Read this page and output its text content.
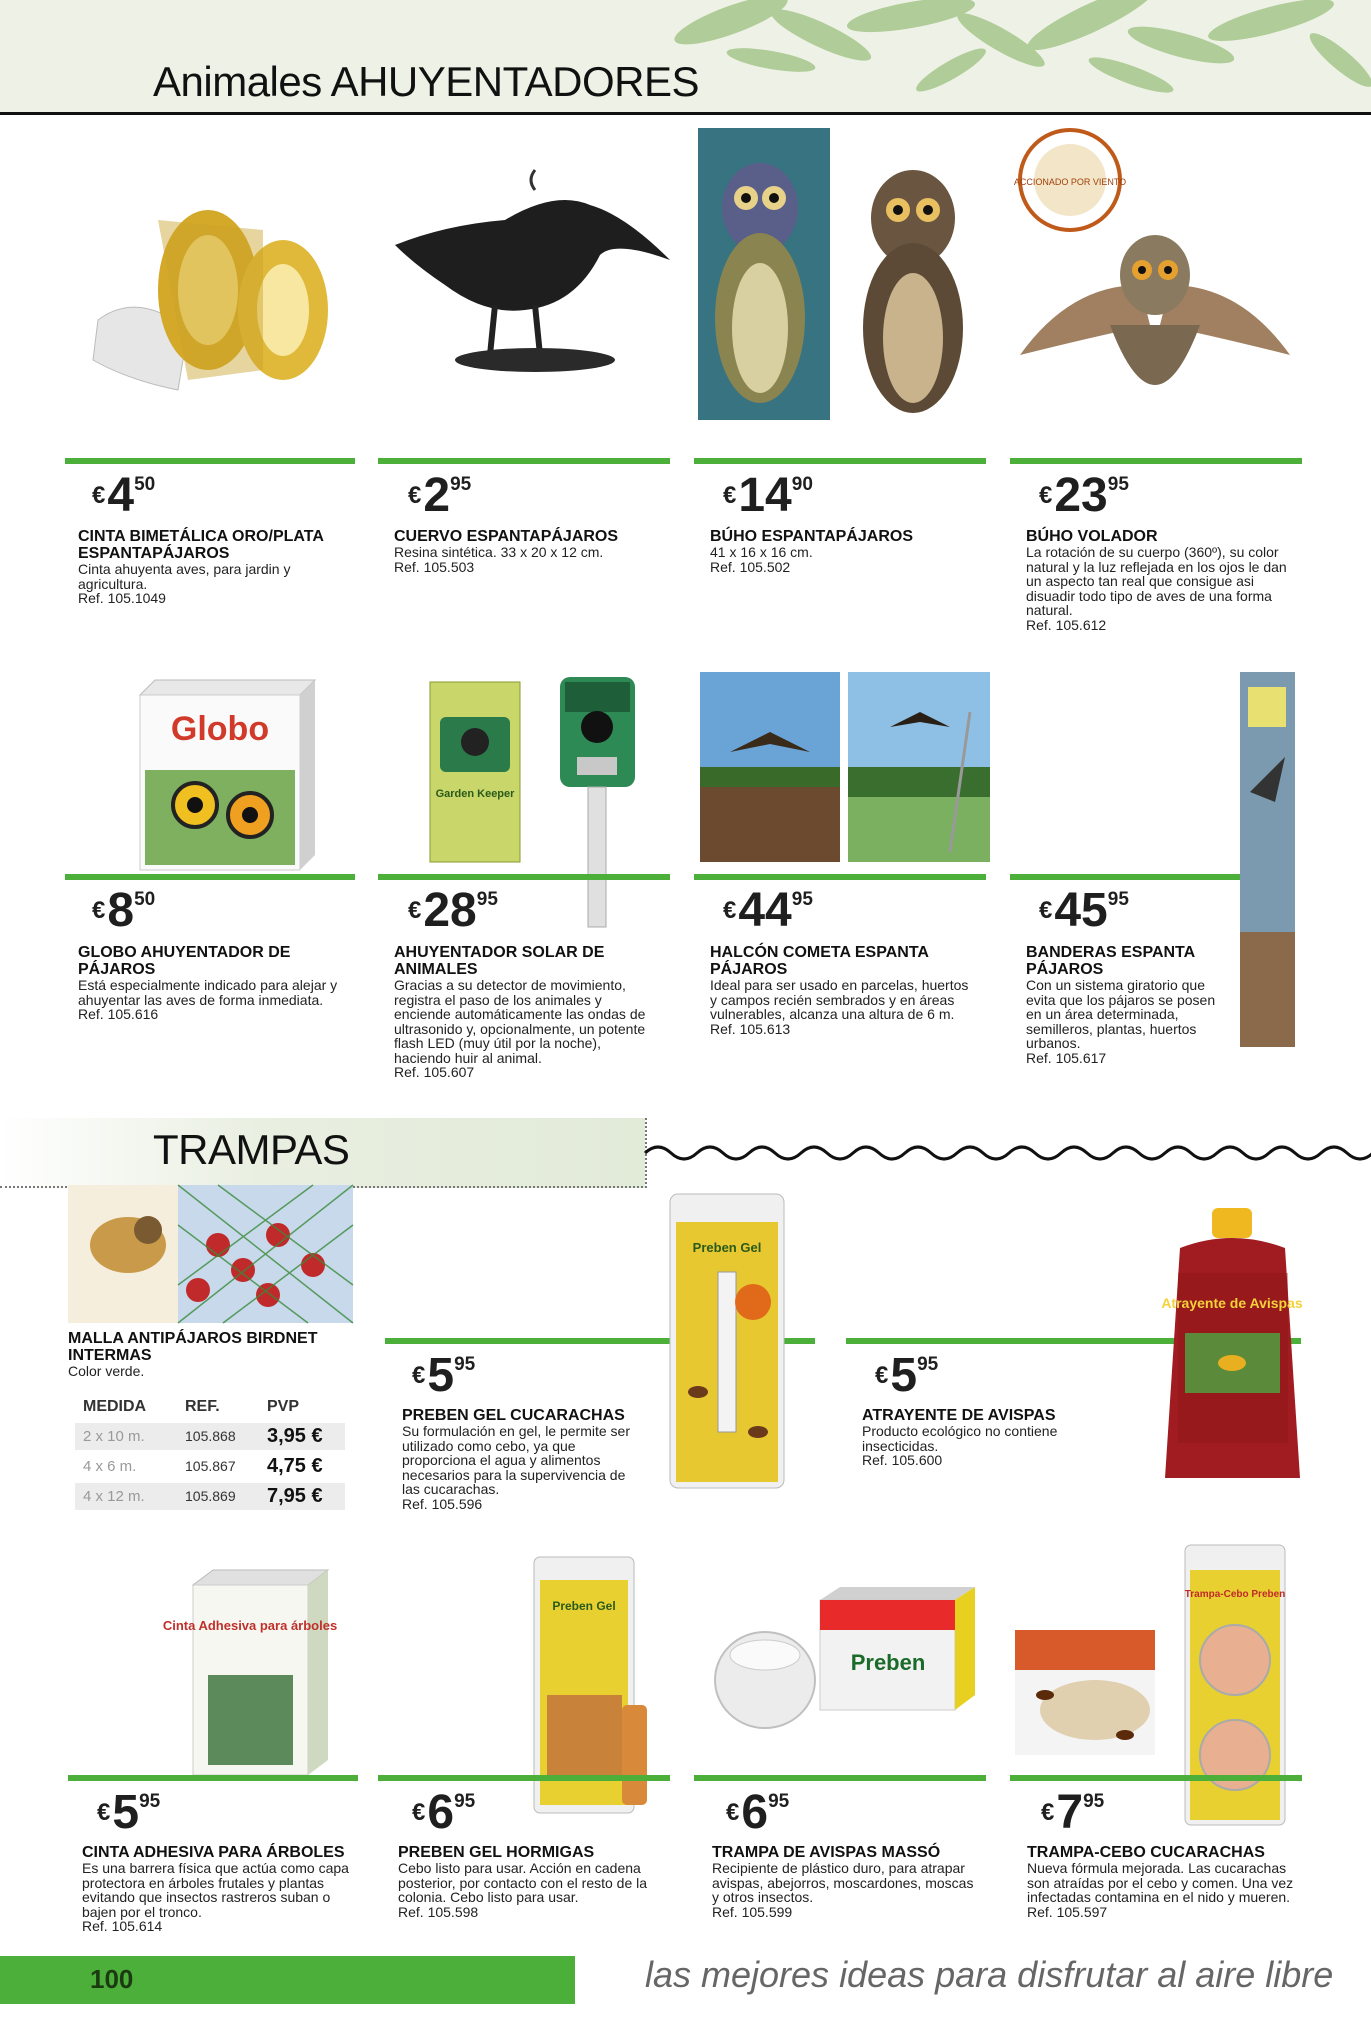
Animales AHUYENTADORES
ACCIONADO POR VIENTO
€450	€295	€1490	€2395
CINTA BIMETÁLICA ORO/PLATA ESPANTAPÁJAROS
Cinta ahuyenta aves, para jardin y agricultura.
Ref. 105.1049
CUERVO ESPANTAPÁJAROS
Resina sintética. 33 x 20 x 12 cm.
Ref. 105.503
BÚHO ESPANTAPÁJAROS
41 x 16 x 16 cm.
Ref. 105.502
BÚHO VOLADOR
La rotación de su cuerpo (360º), su color natural y la luz reflejada en los ojos le dan un aspecto tan real que consigue asi disuadir todo tipo de aves de una forma natural.
Ref. 105.612
Globo
Garden Keeper
€850	€2895	€4495	€4595
GLOBO AHUYENTADOR DE PÁJAROS
Está especialmente indicado para alejar y ahuyentar las aves de forma inmediata.
Ref. 105.616
AHUYENTADOR SOLAR DE ANIMALES
Gracias a su detector de movimiento, registra el paso de los animales y enciende automáticamente las ondas de ultrasonido y, opcionalmente, un potente flash LED (muy útil por la noche), haciendo huir al animal.
Ref. 105.607
HALCÓN COMETA ESPANTA PÁJAROS
Ideal para ser usado en parcelas, huertos y campos recién sembrados y en áreas vulnerables, alcanza una altura de 6 m.
Ref. 105.613
BANDERAS ESPANTA PÁJAROS
Con un sistema giratorio que evita que los pájaros se posen en un área determinada, semilleros, plantas, huertos urbanos.
Ref. 105.617
TRAMPAS
MALLA ANTIPÁJAROS BIRDNET INTERMAS
Color verde.
MEDIDA REF.	PVP
2 x 10 m.	105.868 3,95 €
4 x 6 m.	105.867 4,75 €
4 x 12 m.	105.869 7,95 €
Preben Gel
€595
PREBEN GEL CUCARACHAS
Su formulación en gel, le permite ser utilizado como cebo, ya que proporciona el agua y alimentos necesarios para la supervivencia de las cucarachas.
Ref. 105.596
Atrayente de Avispas
€595
ATRAYENTE DE AVISPAS
Producto ecológico no contiene insecticidas.
Ref. 105.600
Cinta Adhesiva para árboles
Preben Gel
Preben
Trampa-Cebo Preben
€595	€695	€695	€795
CINTA ADHESIVA PARA ÁRBOLES
Es una barrera física que actúa como capa protectora en árboles frutales y plantas evitando que insectos rastreros suban o bajen por el tronco.
Ref. 105.614
PREBEN GEL HORMIGAS
Cebo listo para usar. Acción en cadena posterior, por contacto con el resto de la colonia. Cebo listo para usar.
Ref. 105.598
TRAMPA DE AVISPAS MASSÓ
Recipiente de plástico duro, para atrapar avispas, abejorros, moscardones, moscas y otros insectos.
Ref. 105.599
TRAMPA-CEBO CUCARACHAS
Nueva fórmula mejorada. Las cucarachas son atraídas por el cebo y comen. Una vez infectadas contamina en el nido y mueren.
Ref. 105.597
100	las mejores ideas para disfrutar al aire libre
